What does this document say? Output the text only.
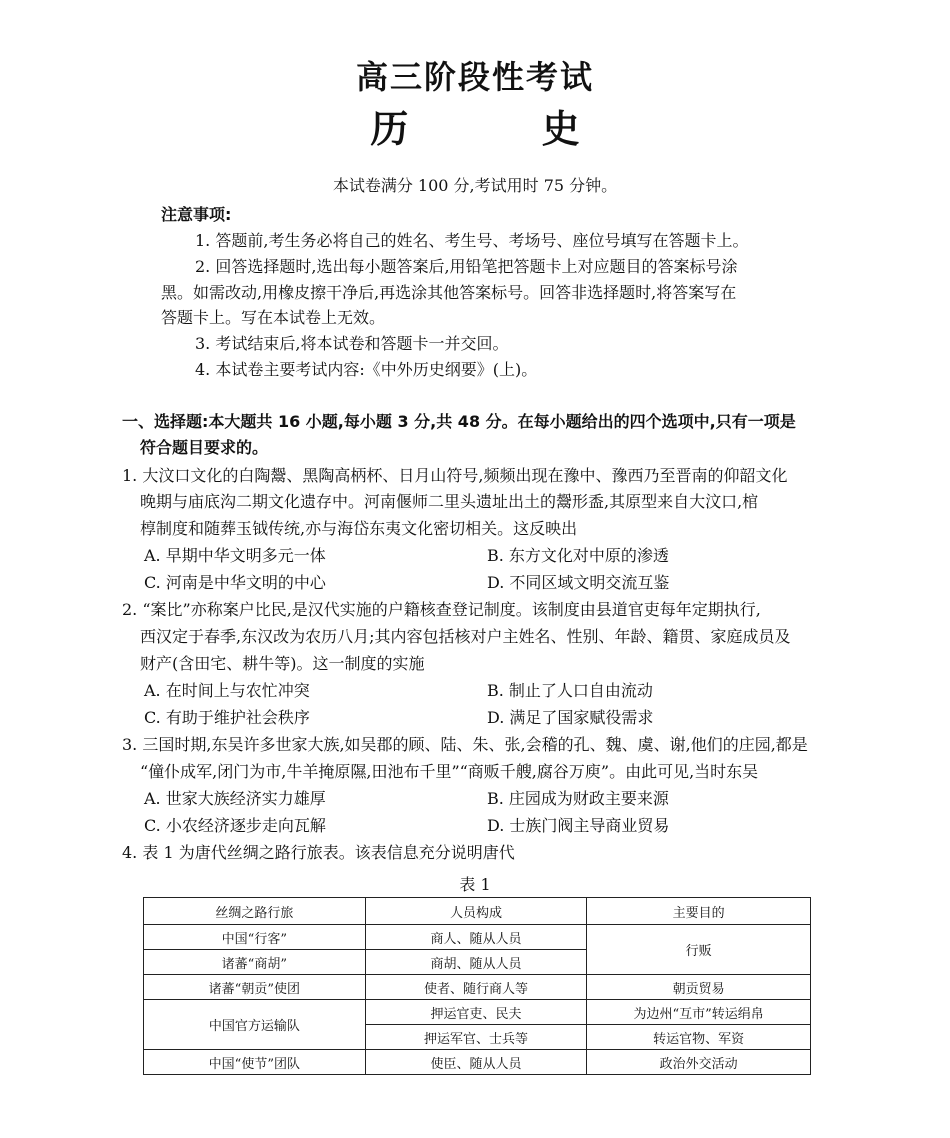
高三阶段性考试
历 史
本试卷满分 100 分,考试用时 75 分钟。
注意事项:
1. 答题前,考生务必将自己的姓名、考生号、考场号、座位号填写在答题卡上。
2. 回答选择题时,选出每小题答案后,用铅笔把答题卡上对应题目的答案标号涂
黑。如需改动,用橡皮擦干净后,再选涂其他答案标号。回答非选择题时,将答案写在
答题卡上。写在本试卷上无效。
3. 考试结束后,将本试卷和答题卡一并交回。
4. 本试卷主要考试内容:《中外历史纲要》(上)。
一、选择题:本大题共 16 小题,每小题 3 分,共 48 分。在每小题给出的四个选项中,只有一项是
符合题目要求的。
1. 大汶口文化的白陶鬶、黑陶高柄杯、日月山符号,频频出现在豫中、豫西乃至晋南的仰韶文化
晚期与庙底沟二期文化遗存中。河南偃师二里头遗址出土的鬶形盉,其原型来自大汶口,棺
椁制度和随葬玉钺传统,亦与海岱东夷文化密切相关。这反映出
A. 早期中华文明多元一体	B. 东方文化对中原的渗透
C. 河南是中华文明的中心	D. 不同区域文明交流互鉴
2. “案比”亦称案户比民,是汉代实施的户籍核查登记制度。该制度由县道官吏每年定期执行,
西汉定于春季,东汉改为农历八月;其内容包括核对户主姓名、性别、年龄、籍贯、家庭成员及
财产(含田宅、耕牛等)。这一制度的实施
A. 在时间上与农忙冲突	B. 制止了人口自由流动
C. 有助于维护社会秩序	D. 满足了国家赋役需求
3. 三国时期,东吴许多世家大族,如吴郡的顾、陆、朱、张,会稽的孔、魏、虞、谢,他们的庄园,都是
“僮仆成军,闭门为市,牛羊掩原隰,田池布千里”“商贩千艘,腐谷万庾”。由此可见,当时东吴
A. 世家大族经济实力雄厚	B. 庄园成为财政主要来源
C. 小农经济逐步走向瓦解	D. 士族门阀主导商业贸易
4. 表 1 为唐代丝绸之路行旅表。该表信息充分说明唐代
表 1
丝绸之路行旅	人员构成	主要目的
中国“行客”	商人、随从人员	行贩
诸蕃“商胡”	商胡、随从人员	
诸蕃“朝贡”使团	使者、随行商人等	朝贡贸易
中国官方运输队	押运官吏、民夫	为边州“互市”转运绢帛
	押运军官、士兵等	转运官物、军资
中国“使节”团队	使臣、随从人员	政治外交活动
